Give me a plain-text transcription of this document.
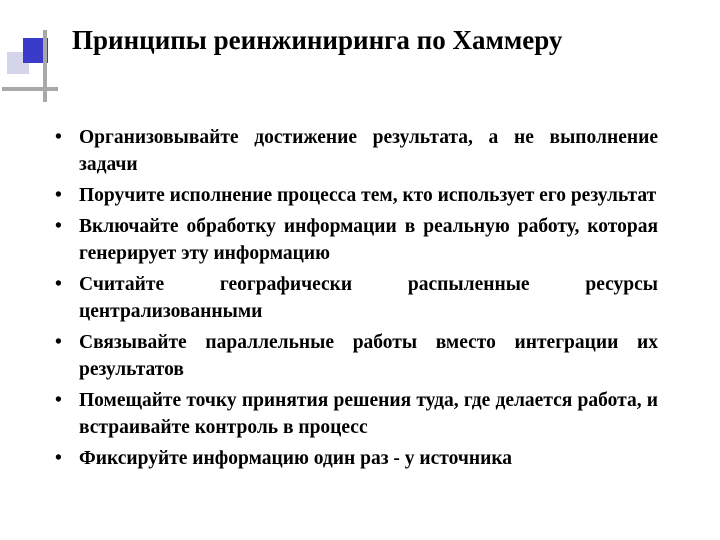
Принципы реинжиниринга по Хаммеру
• Организовывайте достижение результата, а не выполнение задачи
• Поручите исполнение процесса тем, кто использует его результат
• Включайте обработку информации в реальную работу, которая генерирует эту информацию
• Считайте географически распыленные ресурсы централизованными
• Связывайте параллельные работы вместо интеграции их результатов
• Помещайте точку принятия решения туда, где делается работа, и встраивайте контроль в процесс
• Фиксируйте информацию один раз - у источника
